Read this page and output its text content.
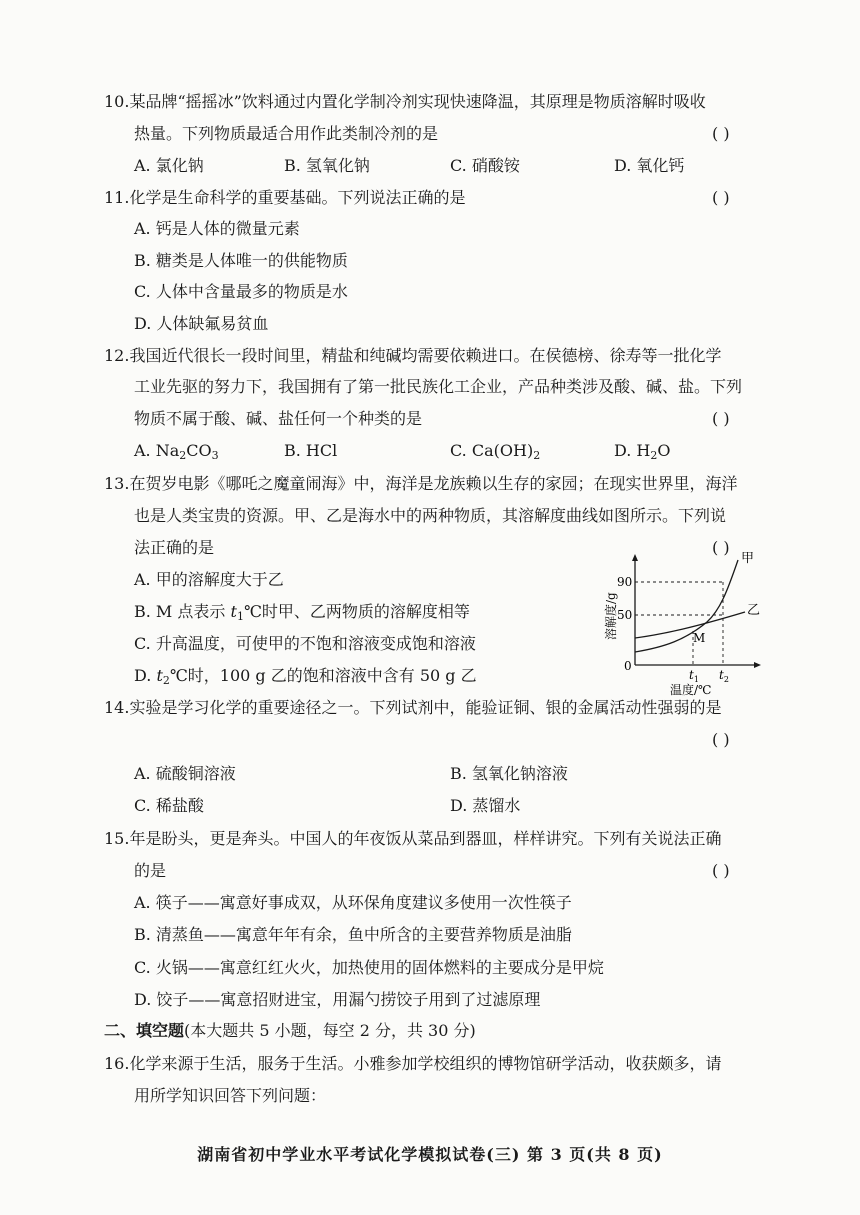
10.某品牌“摇摇冰”饮料通过内置化学制冷剂实现快速降温，其原理是物质溶解时吸收
热量。下列物质最适合用作此类制冷剂的是	( )
A. 氯化钠	B. 氢氧化钠	C. 硝酸铵	D. 氧化钙
11.化学是生命科学的重要基础。下列说法正确的是	( )
A. 钙是人体的微量元素
B. 糖类是人体唯一的供能物质
C. 人体中含量最多的物质是水
D. 人体缺氟易贫血
12.我国近代很长一段时间里，精盐和纯碱均需要依赖进口。在侯德榜、徐寿等一批化学
工业先驱的努力下，我国拥有了第一批民族化工企业，产品种类涉及酸、碱、盐。下列
物质不属于酸、碱、盐任何一个种类的是	( )
A. $Na_2CO_3$	B. HCl	C. $Ca(OH)_2$	D. $H_2O$
13.在贺岁电影《哪吒之魔童闹海》中，海洋是龙族赖以生存的家园；在现实世界里，海洋
也是人类宝贵的资源。甲、乙是海水中的两种物质，其溶解度曲线如图所示。下列说
法正确的是	( )
A. 甲的溶解度大于乙
B. M 点表示 $t_1℃$时甲、乙两物质的溶解度相等
C. 升高温度，可使甲的不饱和溶液变成饱和溶液
D. $t_2℃$时，100 g 乙的饱和溶液中含有 50 g 乙
甲
乙
M
90
50
0
$t_1$ $t_2$
温度/℃
溶解度/g
14.实验是学习化学的重要途径之一。下列试剂中，能验证铜、银的金属活动性强弱的是
( )
A. 硫酸铜溶液	B. 氢氧化钠溶液
C. 稀盐酸	D. 蒸馏水
15.年是盼头，更是奔头。中国人的年夜饭从菜品到器皿，样样讲究。下列有关说法正确
的是	( )
A. 筷子——寓意好事成双，从环保角度建议多使用一次性筷子
B. 清蒸鱼——寓意年年有余，鱼中所含的主要营养物质是油脂
C. 火锅——寓意红红火火，加热使用的固体燃料的主要成分是甲烷
D. 饺子——寓意招财进宝，用漏勺捞饺子用到了过滤原理
二、填空题(本大题共 5 小题，每空 2 分，共 30 分)
16.化学来源于生活，服务于生活。小雅参加学校组织的博物馆研学活动，收获颇多，请
用所学知识回答下列问题：
湖南省初中学业水平考试化学模拟试卷(三) 第 3 页(共 8 页)
